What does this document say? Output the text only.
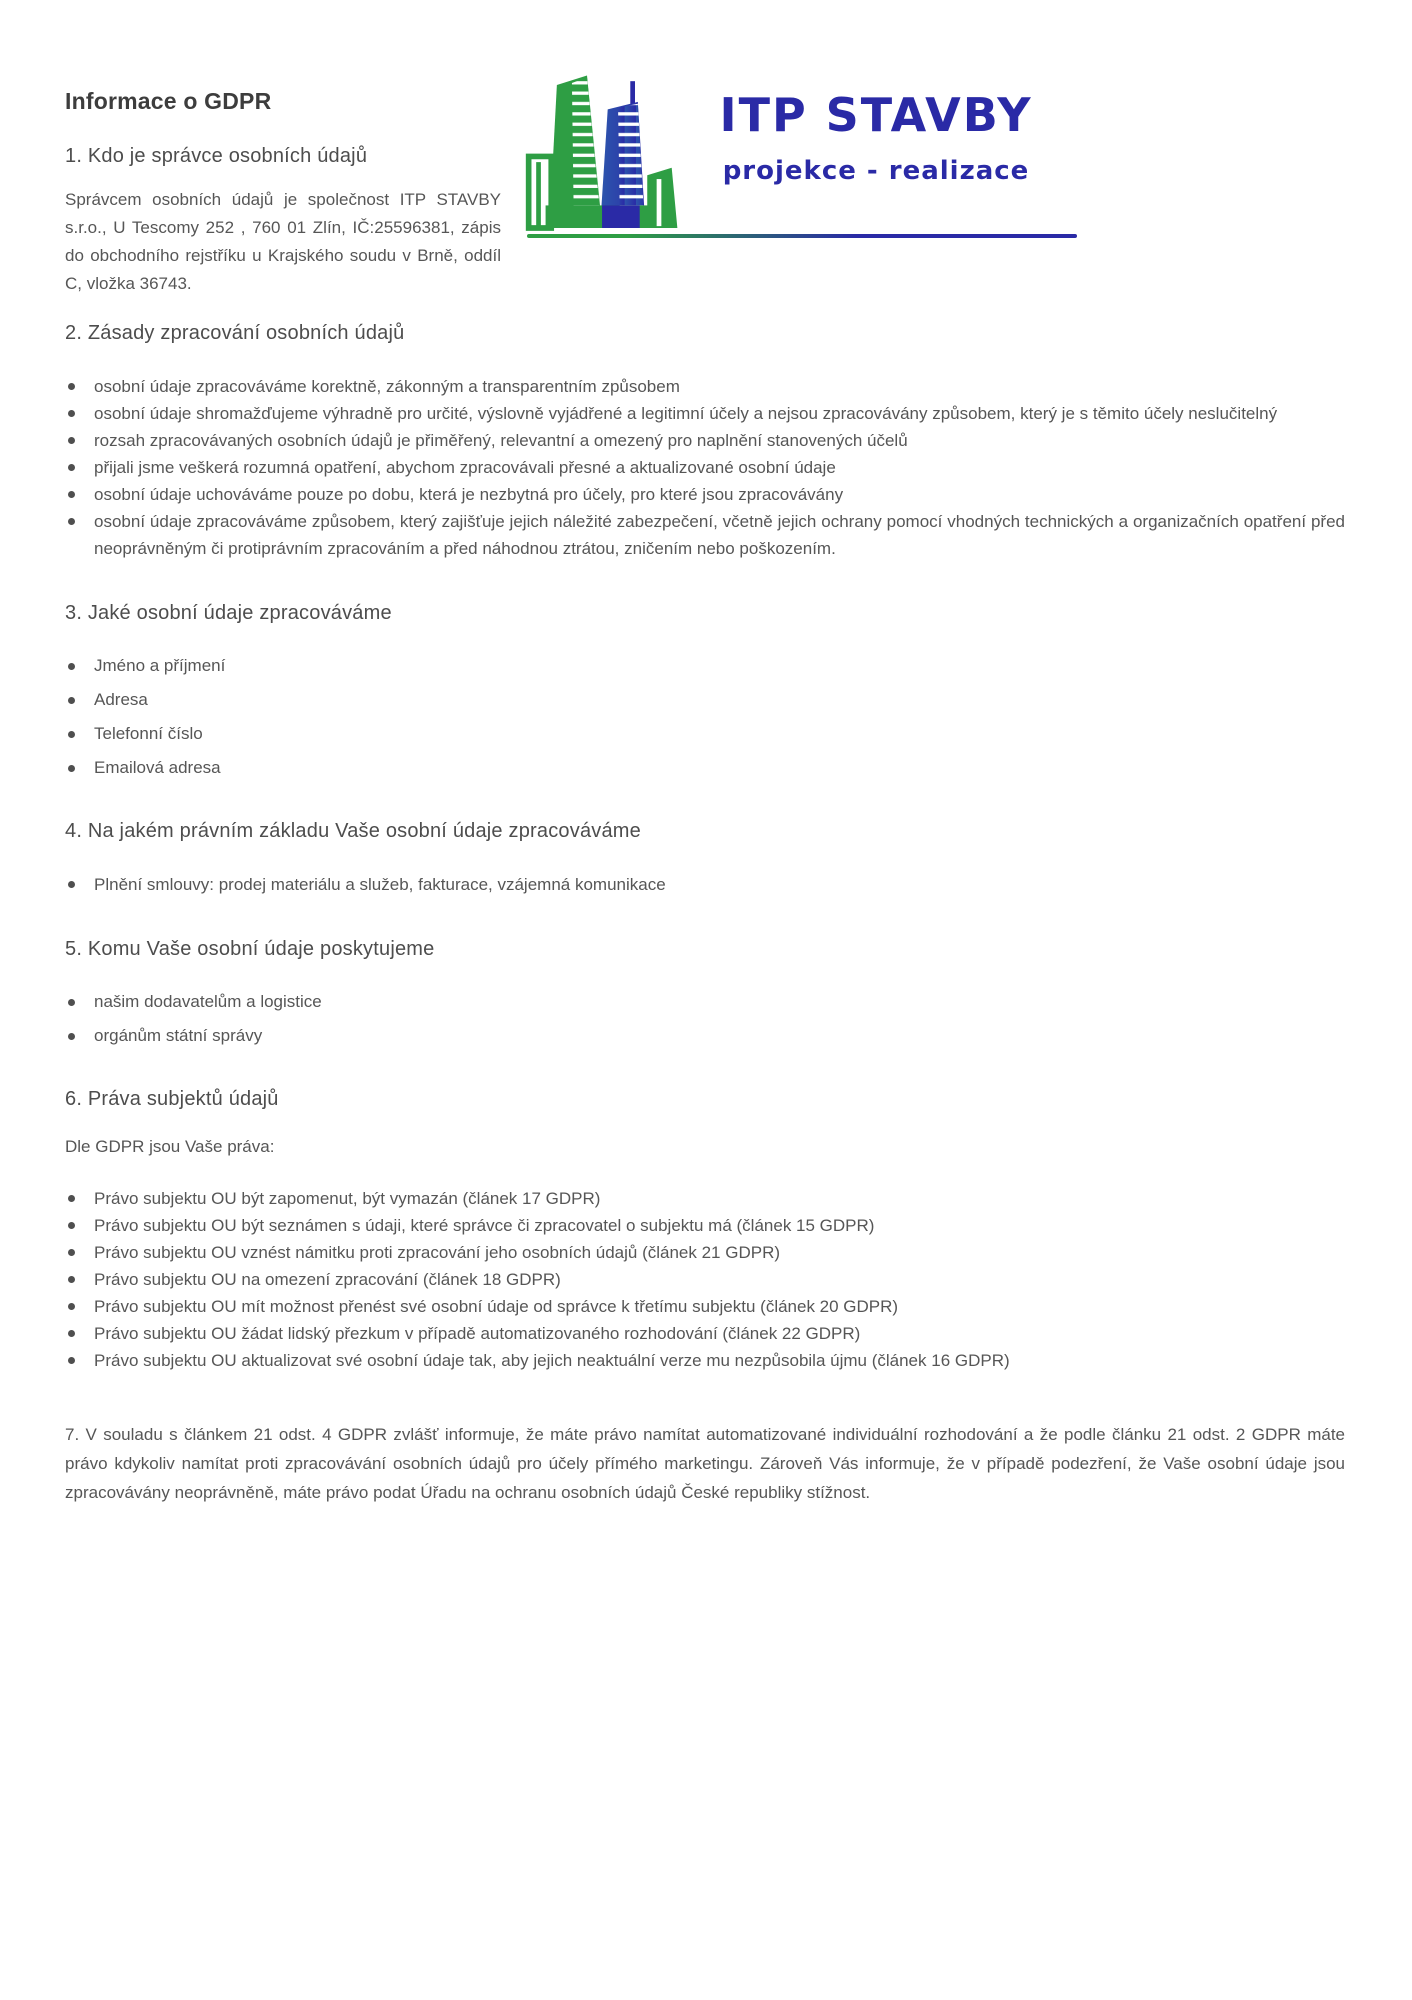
Informace o GDPR
1. Kdo je správce osobních údajů

Správcem osobních údajů je společnost ITP STAVBY s.r.o., U Tescomy 252 , 760 01 Zlín, IČ:25596381, zápis do obchodního rejstříku u Krajského soudu v Brně, oddíl C, vložka 36743.

ITP STAVBY
projekce - realizace
2. Zásady zpracování osobních údajů
osobní údaje zpracováváme korektně, zákonným a transparentním způsobem
osobní údaje shromažďujeme výhradně pro určité, výslovně vyjádřené a legitimní účely a nejsou zpracovávány způsobem, který je s těmito účely neslučitelný
rozsah zpracovávaných osobních údajů je přiměřený, relevantní a omezený pro naplnění stanovených účelů
přijali jsme veškerá rozumná opatření, abychom zpracovávali přesné a aktualizované osobní údaje
osobní údaje uchováváme pouze po dobu, která je nezbytná pro účely, pro které jsou zpracovávány
osobní údaje zpracováváme způsobem, který zajišťuje jejich náležité zabezpečení, včetně jejich ochrany pomocí vhodných technických a organizačních opatření před neoprávněným či protiprávním zpracováním a před náhodnou ztrátou, zničením nebo poškozením.
3. Jaké osobní údaje zpracováváme
Jméno a příjmení
Adresa
Telefonní číslo
Emailová adresa
4. Na jakém právním základu Vaše osobní údaje zpracováváme
Plnění smlouvy: prodej materiálu a služeb, fakturace, vzájemná komunikace
5. Komu Vaše osobní údaje poskytujeme
našim dodavatelům a logistice
orgánům státní správy
6. Práva subjektů údajů

Dle GDPR jsou Vaše práva:

Právo subjektu OU být zapomenut, být vymazán (článek 17 GDPR)
Právo subjektu OU být seznámen s údaji, které správce či zpracovatel o subjektu má (článek 15 GDPR)
Právo subjektu OU vznést námitku proti zpracování jeho osobních údajů (článek 21 GDPR)
Právo subjektu OU na omezení zpracování (článek 18 GDPR)
Právo subjektu OU mít možnost přenést své osobní údaje od správce k třetímu subjektu (článek 20 GDPR)
Právo subjektu OU žádat lidský přezkum v případě automatizovaného rozhodování (článek 22 GDPR)
Právo subjektu OU aktualizovat své osobní údaje tak, aby jejich neaktuální verze mu nezpůsobila újmu (článek 16 GDPR)

7. V souladu s článkem 21 odst. 4 GDPR zvlášť informuje, že máte právo namítat automatizované individuální rozhodování a že podle článku 21 odst. 2 GDPR máte právo kdykoliv namítat proti zpracovávání osobních údajů pro účely přímého marketingu. Zároveň Vás informuje, že v případě podezření, že Vaše osobní údaje jsou zpracovávány neoprávněně, máte právo podat Úřadu na ochranu osobních údajů České republiky stížnost.
